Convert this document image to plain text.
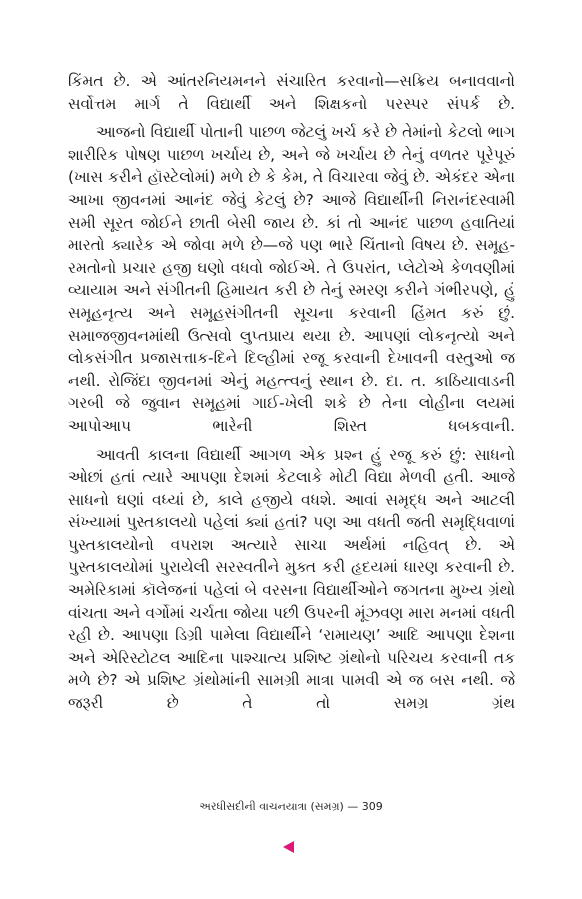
કિંમત છે. એ આંતરનિયમનને સંચારિત કરવાનો—સક્રિય બનાવવાનો સર્વોત્તમ માર્ગ તે વિદ્યાર્થી અને શિક્ષકનો પરસ્પર સંપર્ક છે.

આજનો વિદ્યાર્થી પોતાની પાછળ જેટલું ખર્ચ કરે છે તેમાંનો કેટલો ભાગ શારીરિક પોષણ પાછળ ખર્ચાય છે, અને જે ખર્ચાય છે તેનું વળતર પૂરેપૂરું (ખાસ કરીને હૉસ્ટેલોમાં) મળે છે કે કેમ, તે વિચારવા જેવું છે. એકંદર એના આખા જીવનમાં આનંદ જેવું કેટલું છે? આજે વિદ્યાર્થીની નિરાનંદસ્વામી સમી સૂરત જોઈને છાતી બેસી જાય છે. કાં તો આનંદ પાછળ હવાતિયાં મારતો ક્યારેક એ જોવા મળે છે—જે પણ ભારે ચિંતાનો વિષય છે. સમૂહ-રમતોનો પ્રચાર હજી ઘણો વધવો જોઈએ. તે ઉપરાંત, પ્લેટોએ કેળવણીમાં વ્યાયામ અને સંગીતની હિમાયત કરી છે તેનું સ્મરણ કરીને ગંભીરપણે, હું સમૂહનૃત્ય અને સમૂહસંગીતની સૂચના કરવાની હિંમત કરું છું. સમાજજીવનમાંથી ઉત્સવો લુપ્તપ્રાય થયા છે. આપણાં લોકનૃત્યો અને લોકસંગીત પ્રજાસત્તાક-દિને દિલ્હીમાં રજૂ કરવાની દેખાવની વસ્તુઓ જ નથી. રોજિંદા જીવનમાં એનું મહત્ત્વનું સ્થાન છે. દા. ત. કાઠિયાવાડની ગરબી જે જુવાન સમૂહમાં ગાઈ-ખેલી શકે છે તેના લોહીના લયમાં આપોઆપ ભારેની શિસ્ત ધબકવાની.

આવતી કાલના વિદ્યાર્થી આગળ એક પ્રશ્ન હું રજૂ કરું છું: સાધનો ઓછાં હતાં ત્યારે આપણા દેશમાં કેટલાકે મોટી વિદ્યા મેળવી હતી. આજે સાધનો ઘણાં વધ્યાં છે, કાલે હજીયે વધશે. આવાં સમૃદ્ધ અને આટલી સંખ્યામાં પુસ્તકાલયો પહેલાં ક્યાં હતાં? પણ આ વધતી જતી સમૃદ્ધિવાળાં પુસ્તકાલયોનો વપરાશ અત્યારે સાચા અર્થમાં નહિવત્ છે. એ પુસ્તકાલયોમાં પુરાયેલી સરસ્વતીને મુક્ત કરી હૃદયમાં ધારણ કરવાની છે. અમેરિકામાં કૉલેજનાં પહેલાં બે વરસના વિદ્યાર્થીઓને જગતના મુખ્ય ગ્રંથો વાંચતા અને વર્ગોમાં ચર્ચતા જોયા પછી ઉપરની મૂંઝવણ મારા મનમાં વધતી રહી છે. આપણા ડિગ્રી પામેલા વિદ્યાર્થીને ‘રામાયણ’ આદિ આપણા દેશના અને એરિસ્ટોટલ આદિના પાશ્ચાત્ય પ્રશિષ્ટ ગ્રંથોનો પરિચય કરવાની તક મળે છે? એ પ્રશિષ્ટ ગ્રંથોમાંની સામગ્રી માત્રા પામવી એ જ બસ નથી. જે જરૂરી છે તે તો સમગ્ર ગ્રંથ

અરધીસદીની વાચનયાત્રા (સમગ્ર) — 309
